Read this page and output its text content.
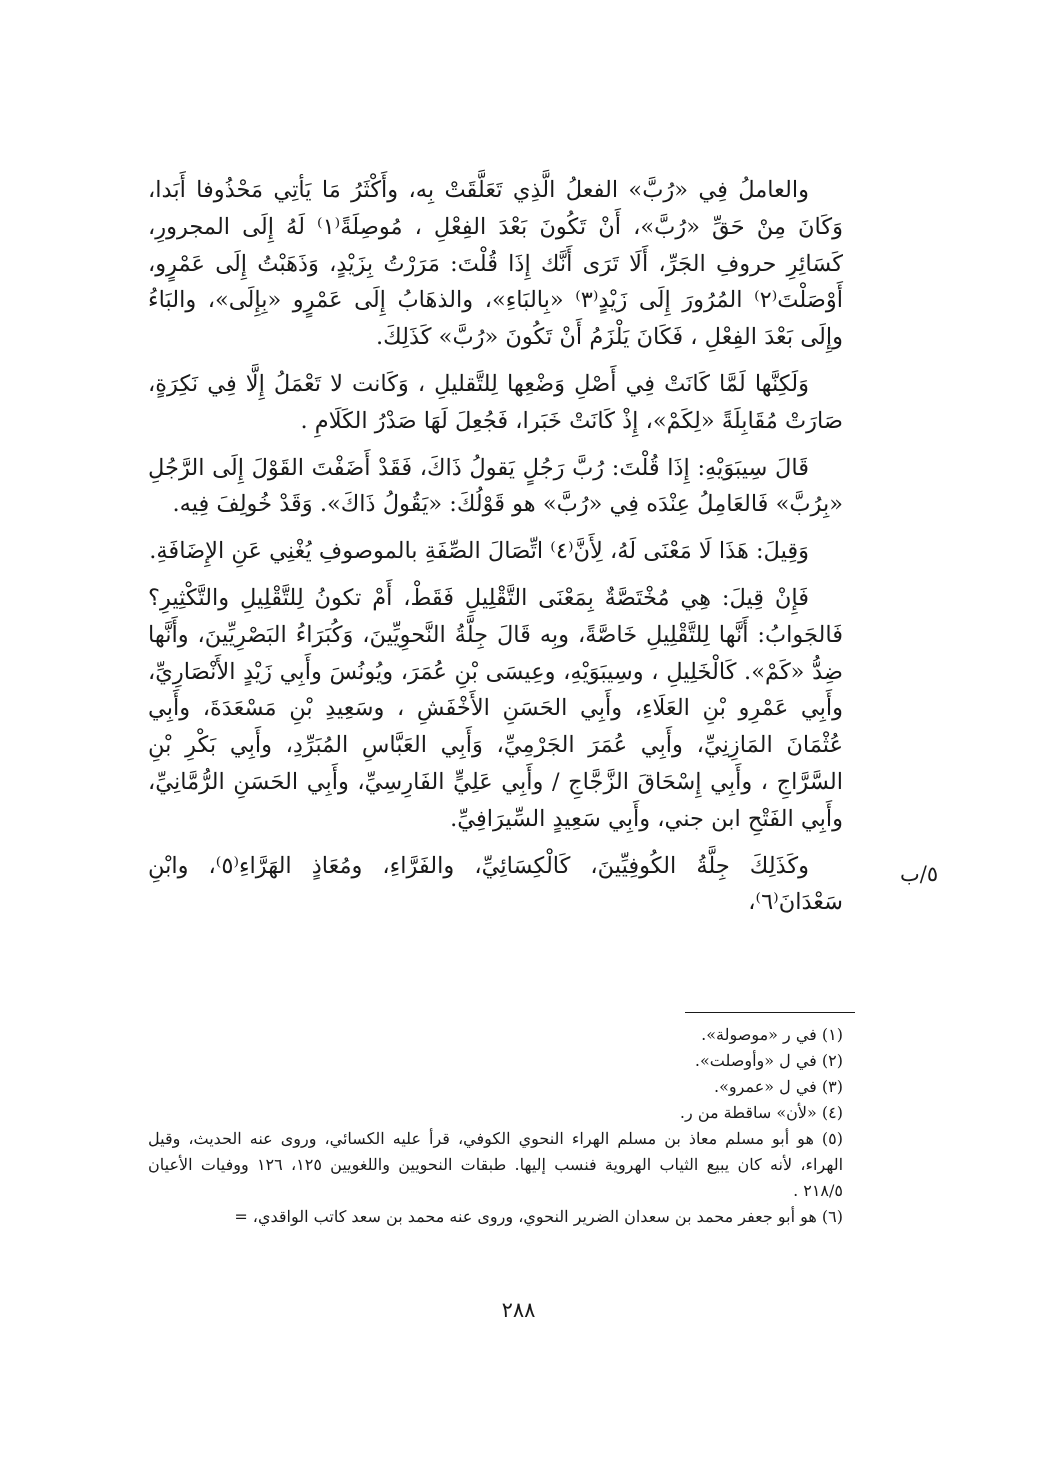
والعاملُ فِي «رُبَّ» الفعلُ الَّذِي تَعَلَّقَتْ بِه، وأَكْثَرُ مَا يَأتِي مَحْذُوفا أَبَدا، وَكَانَ مِنْ حَقِّ «رُبَّ»، أَنْ تَكُونَ بَعْدَ الفِعْلِ ، مُوصِلَةً⁽١⁾ لَهُ إِلَى المجرورِ، كَسَائِرِ حروفِ الجَرِّ، أَلَا تَرَى أَنَّك إِذَا قُلْتَ: مَرَرْتُ بِزَيْدٍ، وَذَهَبْتُ إِلَى عَمْرٍو، أَوْصَلْتَ⁽٢⁾ المُرُورَ إِلَى زَيْدٍ⁽٣⁾ «بِالبَاءِ»، والذهَابُ إِلَى عَمْرٍو «بِإِلَى»، والبَاءُ وإِلَى بَعْدَ الفِعْلِ ، فَكَانَ يَلْزَمُ أَنْ تَكُونَ «رُبَّ» كَذَلِكَ.

وَلَكِنَّها لَمَّا كَانَتْ فِي أَصْلِ وَضْعِها لِلتَّقليلِ ، وَكَانت لا تَعْمَلُ إِلَّا فِي نَكِرَةٍ، صَارَتْ مُقَابِلَةً «لِكَمْ»، إِذْ كَانَتْ خَبَرا، فَجُعِلَ لَهَا صَدْرُ الكَلَامِ .

قَالَ سِيبَوَيْهِ: إِذَا قُلْتَ: رُبَّ رَجُلٍ يَقولُ ذَاكَ، فَقَدْ أَضَفْتَ القَوْلَ إِلَى الرَّجُلِ «بِرُبَّ» فَالعَامِلُ عِنْدَه فِي «رُبَّ» هو قَوْلُكَ: «يَقُولُ ذَاكَ». وَقَدْ خُولِفَ فِيه.

وَقِيلَ: هَذَا لَا مَعْنَى لَهُ، لِأَنَّ⁽٤⁾ اتِّصَالَ الصِّفَةِ بالموصوفِ يُغْنِي عَنِ الإِضَافَةِ.

فَإِنْ قِيلَ: هِي مُخْتَصَّةٌ بِمَعْنَى التَّقْلِيلِ فَقَطْ، أَمْ تكونُ لِلتَّقْلِيلِ والتَّكْثِيرِ؟ فَالجَوابُ: أَنَّها لِلتَّقْلِيلِ خَاصَّةً، وبِه قَالَ جِلَّةُ النَّحوِيِّينَ، وَكُبَرَاءُ البَصْرِيِّينَ، وأَنَّها ضِدُّ «كَمْ». كَالْخَلِيلِ ، وسِيبَوَيْهِ، وعِيسَى بْنِ عُمَرَ، ويُونُسَ وأَبِي زَيْدٍ الأَنْصَارِيِّ، وأَبِي عَمْرِو بْنِ العَلَاءِ، وأَبِي الحَسَنِ الأَخْفَشِ ، وسَعِيدِ بْنِ مَسْعَدَةَ، وأَبِي عُثْمَانَ المَازِنِيِّ، وأَبِي عُمَرَ الجَرْمِيِّ، وَأَبِي العَبَّاسِ المُبَرِّدِ، وأَبِي بَكْرِ بْنِ السَّرَّاجِ ، وأَبِي إِسْحَاقَ الزَّجَّاجِ / وأَبِي عَلِيٍّ الفَارِسِيِّ، وأَبِي الحَسَنِ الرُّمَّانِيِّ، وأَبِي الفَتْحِ ابن جني، وأَبِي سَعِيدٍ السِّيرَافِيِّ.

وكَذَلِكَ جِلَّةُ الكُوفِيِّينَ، كَالْكِسَائِيِّ، والفَرَّاءِ، ومُعَاذٍ الهَرَّاءِ⁽٥⁾، وابْنِ سَعْدَانَ⁽٦⁾،

٥/ب

(١) في ر «موصولة».

(٢) في ل «وأوصلت».

(٣) في ل «عمرو».

(٤) «لأن» ساقطة من ر.

(٥) هو أبو مسلم معاذ بن مسلم الهراء النحوي الكوفي، قرأ عليه الكسائي، وروى عنه الحديث، وقيل الهراء، لأنه كان يبيع الثياب الهروية فنسب إليها. طبقات النحويين واللغويين ١٢٥، ١٢٦ ووفيات الأعيان ٢١٨/٥ .

(٦) هو أبو جعفر محمد بن سعدان الضرير النحوي، وروى عنه محمد بن سعد كاتب الواقدي، =

٢٨٨
